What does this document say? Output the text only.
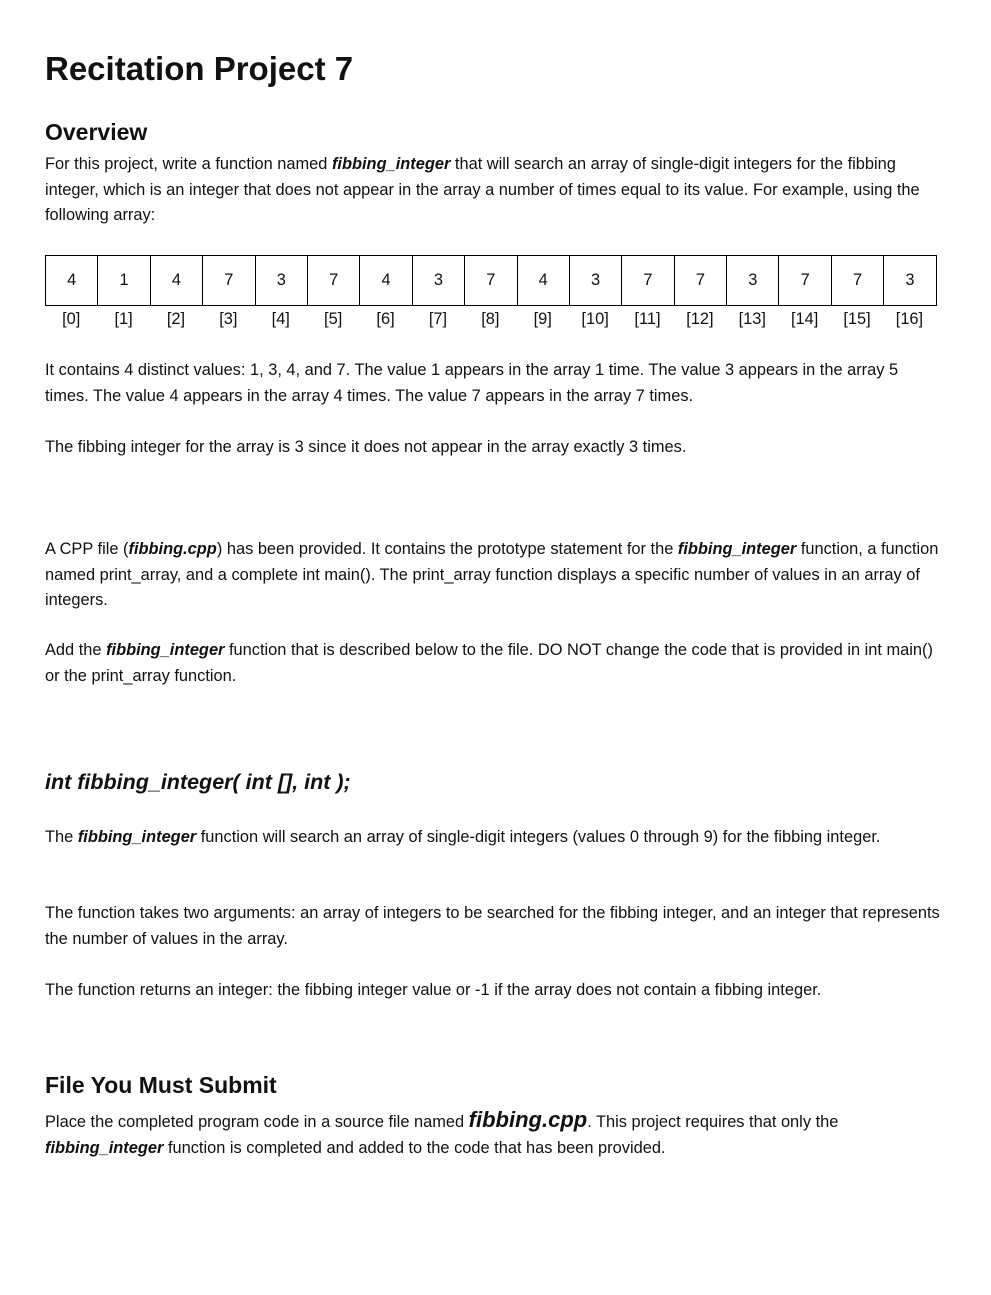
Recitation Project 7
Overview
For this project, write a function named fibbing_integer that will search an array of single-digit integers for the fibbing integer, which is an integer that does not appear in the array a number of times equal to its value. For example, using the following array:
4	1	4	7	3	7	4	3	7	4	3	7	7	3	7	7	3
[0]	[1]	[2]	[3]	[4]	[5]	[6]	[7]	[8]	[9]	[10]	[11]	[12]	[13]	[14]	[15]	[16]
It contains 4 distinct values: 1, 3, 4, and 7. The value 1 appears in the array 1 time. The value 3 appears in the array 5 times. The value 4 appears in the array 4 times. The value 7 appears in the array 7 times.
The fibbing integer for the array is 3 since it does not appear in the array exactly 3 times.
A CPP file (fibbing.cpp) has been provided. It contains the prototype statement for the fibbing_integer function, a function named print_array, and a complete int main(). The print_array function displays a specific number of values in an array of integers.
Add the fibbing_integer function that is described below to the file. DO NOT change the code that is provided in int main() or the print_array function.
int fibbing_integer( int [], int );
The fibbing_integer function will search an array of single-digit integers (values 0 through 9) for the fibbing integer.
The function takes two arguments: an array of integers to be searched for the fibbing integer, and an integer that represents the number of values in the array.
The function returns an integer: the fibbing integer value or -1 if the array does not contain a fibbing integer.
File You Must Submit
Place the completed program code in a source file named fibbing.cpp. This project requires that only the fibbing_integer function is completed and added to the code that has been provided.
